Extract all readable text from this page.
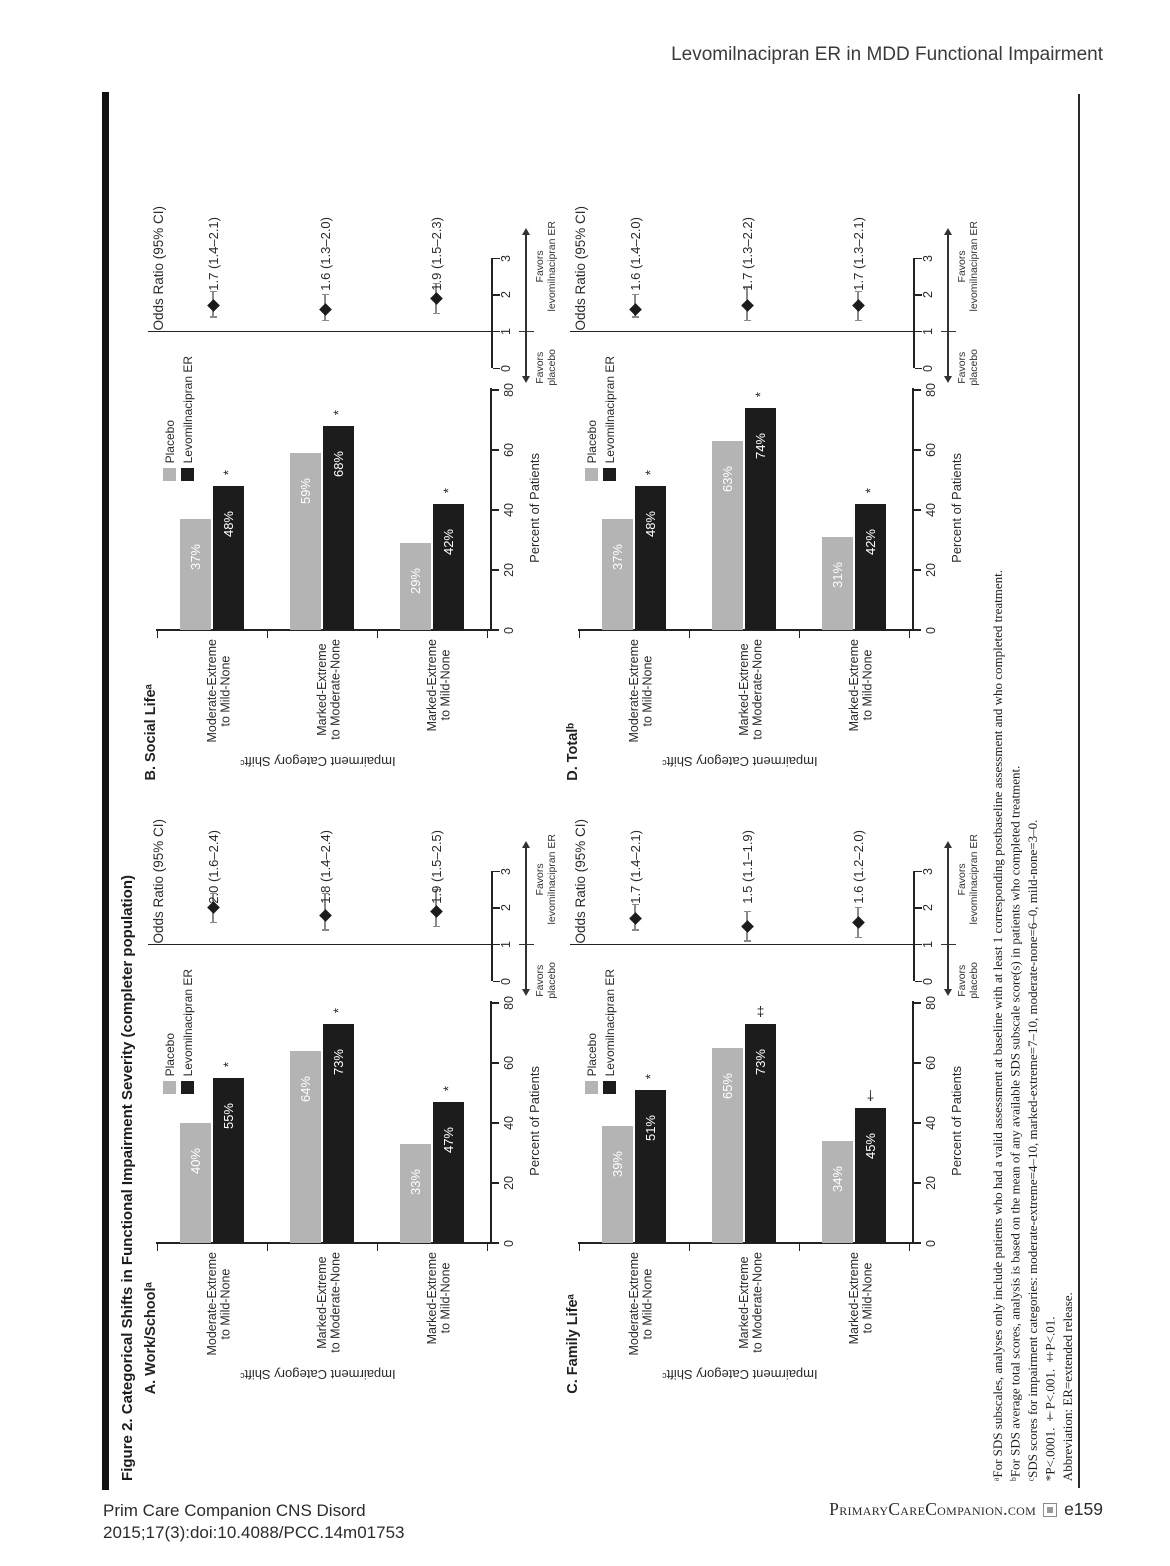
Levomilnacipran ER in MDD Functional Impairment
Figure 2. Categorical Shifts in Functional Impairment Severity (completer population)	ᵃFor SDS subscales, analyses only include patients who had a valid assessment at baseline with at least 1 corresponding postbaseline assessment and who completed treatment. ᵇFor SDS average total scores, analysis is based on the mean of any available SDS subscale score(s) in patients who completed treatment. ᶜSDS scores for impairment categories: moderate-extreme=4–10, marked-extreme=7–10, moderate-none=6–0, mild-none=3–0. *P<.0001. †P<.001. ‡P<.01. Abbreviation: ER=extended release.
B. Social Lifeᵃ
Placebo Levomilnacipran ER
0
20
40
60
80
Percent of Patients
37%
59%
29%
48%
*	68%
*
42%
*
Moderate-Extreme to Mild-None	Marked-Extreme to Moderate-None	Marked-Extreme to Mild-None
Impairment Category Shiftᶜ
Odds Ratio (95% CI)
0
1
2
3
1.7 (1.4–2.1)	1.6 (1.3–2.0)	1.9 (1.5–2.3)	Favors levomilnacipran ER
Favors placebo
D. Totalᵇ
Placebo Levomilnacipran ER
0
20
40
60
80
Percent of Patients
37%
63%
31%
48%
*
74%
*
42%
*
Moderate-Extreme to Mild-None	Marked-Extreme to Moderate-None	Marked-Extreme to Mild-None
Impairment Category Shiftᶜ
Odds Ratio (95% CI)
0
1
2
3
1.6 (1.4–2.0)	1.7 (1.3–2.2)	1.7 (1.3–2.1)	Favors levomilnacipran ER
Favors placebo
A. Work/Schoolᵃ
Placebo Levomilnacipran ER
0
20
40
60
80
Percent of Patients
40%
64%
33%
55%
*	73%
*
47%
*
Moderate-Extreme to Mild-None	Marked-Extreme to Moderate-None	Marked-Extreme to Mild-None
Impairment Category Shiftᶜ
Odds Ratio (95% CI)
0
1
2
3
2.0 (1.6–2.4)	1.8 (1.4–2.4)	1.9 (1.5–2.5)	Favors levomilnacipran ER
Favors placebo
C. Family Lifeᵃ
Placebo Levomilnacipran ER
0
20
40
60
80
Percent of Patients
39%
65%
34%
51%
*
73%
‡
45%
†
Moderate-Extreme to Mild-None	Marked-Extreme to Moderate-None	Marked-Extreme to Mild-None
Impairment Category Shiftᶜ
Odds Ratio (95% CI)
0
1
2
3
1.7 (1.4–2.1)	1.5 (1.1–1.9)	1.6 (1.2–2.0)	Favors levomilnacipran ER
Favors placebo
Prim Care Companion CNS Disord
2015;17(3):doi:10.4088/PCC.14m01753
PrimaryCareCompanion.com e159
